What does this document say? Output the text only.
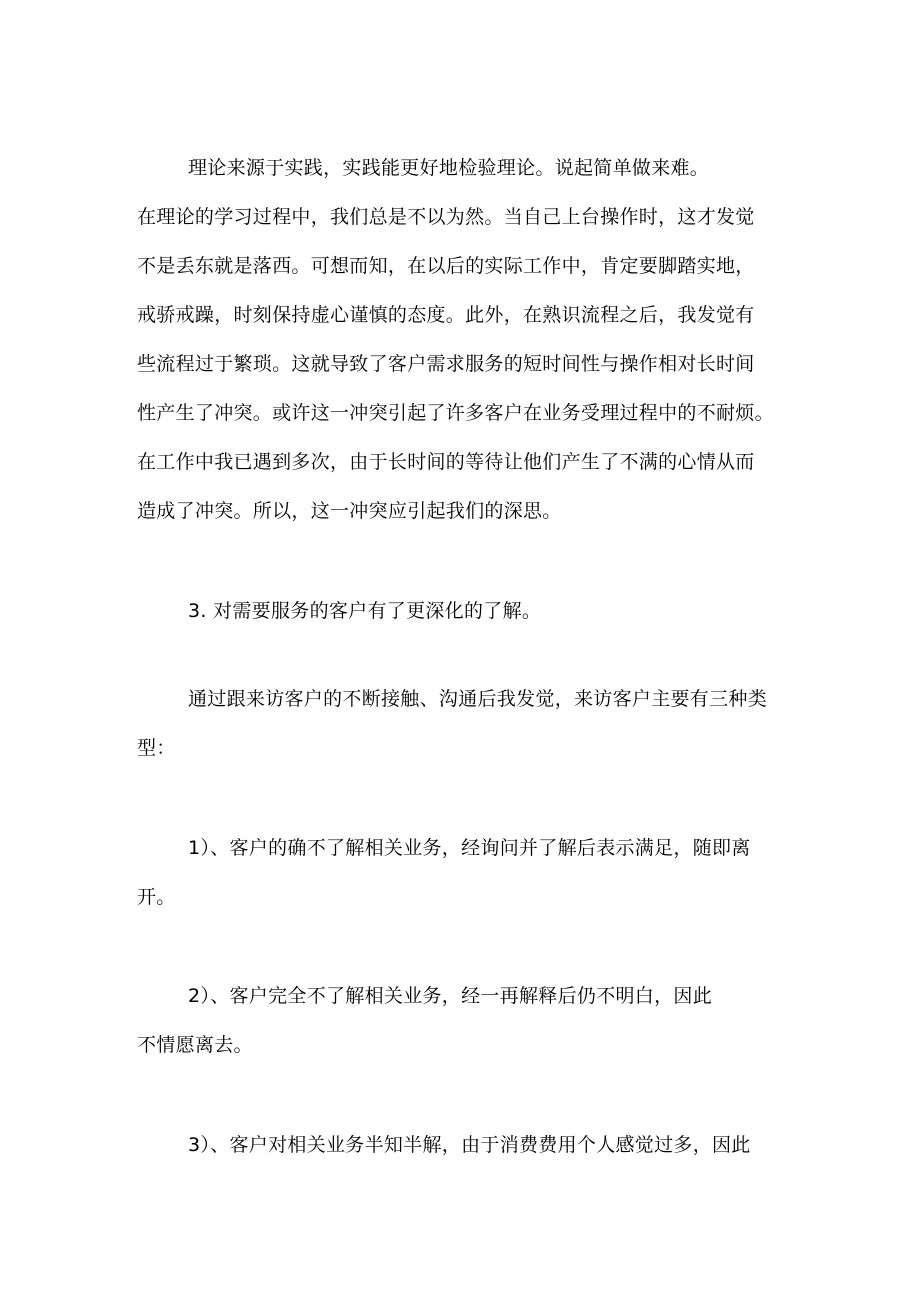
理论来源于实践，实践能更好地检验理论。说起简单做来难。
在理论的学习过程中，我们总是不以为然。当自己上台操作时，这才发觉
不是丢东就是落西。可想而知，在以后的实际工作中，肯定要脚踏实地，
戒骄戒躁，时刻保持虚心谨慎的态度。此外，在熟识流程之后，我发觉有
些流程过于繁琐。这就导致了客户需求服务的短时间性与操作相对长时间
性产生了冲突。或许这一冲突引起了许多客户在业务受理过程中的不耐烦。
在工作中我已遇到多次，由于长时间的等待让他们产生了不满的心情从而
造成了冲突。所以，这一冲突应引起我们的深思。
3. 对需要服务的客户有了更深化的了解。
通过跟来访客户的不断接触、沟通后我发觉，来访客户主要有三种类
型：
1）、客户的确不了解相关业务，经询问并了解后表示满足，随即离
开。
2）、客户完全不了解相关业务，经一再解释后仍不明白，因此
不情愿离去。
3）、客户对相关业务半知半解，由于消费费用个人感觉过多，因此
